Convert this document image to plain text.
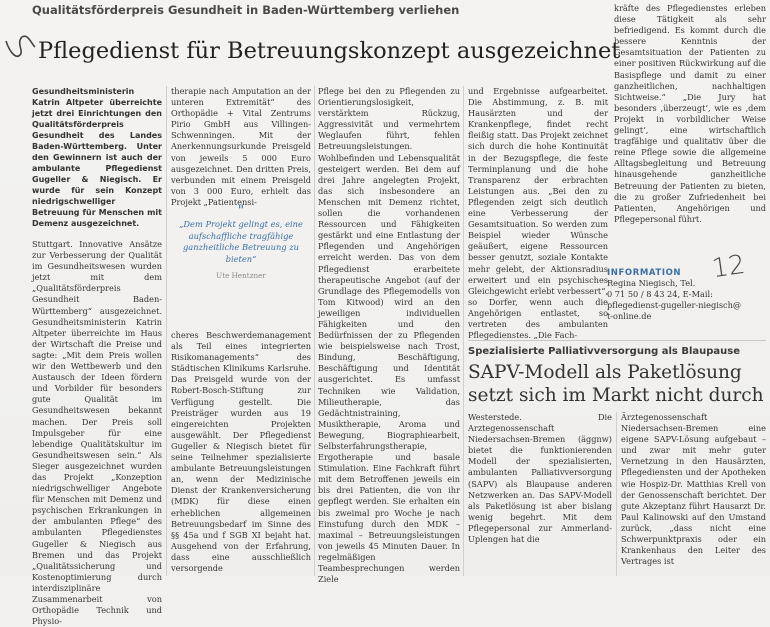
Qualitätsförderpreis Gesundheit in Baden-Württemberg verliehen
Pflegedienst für Betreuungskonzept ausgezeichnet

Gesundheitsministerin Katrin Altpeter überreichte jetzt drei Einrichtungen den Qualitätsförderpreis Gesundheit des Landes Baden-Württemberg. Unter den Gewinnern ist auch der ambulante Pflegedienst Gugeller & Niegisch. Er wurde für sein Konzept niedrigschwelliger Betreuung für Menschen mit Demenz ausgezeichnet.

Stuttgart. Innovative Ansätze zur Verbesserung der Qualität im Gesundheitswesen wurden jetzt mit dem „Qualitätsförderpreis Gesundheit Baden-Württemberg“ ausgezeichnet. Gesundheitsministerin Katrin Altpeter überreichte im Haus der Wirtschaft die Preise und sagte: „Mit dem Preis wollen wir den Wettbewerb und den Austausch der Ideen fördern und Vorbilder für besonders gute Qualität im Gesundheitswesen bekannt machen. Der Preis soll Impulsgeber für eine lebendige Qualitätskultur im Gesundheitswesen sein.“ Als Sieger ausgezeichnet wurden das Projekt „Konzeption niedrigschwelliger Angebote für Menschen mit Demenz und psychischen Erkrankungen in der ambulanten Pflege“ des ambulanten Pflegedienstes Gugeller & Niegisch aus Bremen und das Projekt „Qualitätssicherung und Kostenoptimierung durch interdisziplinäre Zusammenarbeit von Orthopädie Technik und Physio-

therapie nach Amputation an der unteren Extremität“ des Orthopädie + Vital Zentrums Pirio GmbH aus Villingen-Schwenningen. Mit der Anerkennungsurkunde Preisgeld von jeweils 5 000 Euro ausgezeichnet. Den dritten Preis, verbunden mit einem Preisgeld von 3 000 Euro, erhielt das Projekt „Patientensi-

"
„Dem Projekt gelingt es, eine aufschaffliche tragfähige ganzheitliche Betreuung zu bieten“
Ute Hentzner

cheres Beschwerdemanagement als Teil eines integrierten Risikomanagements“ des Städtischen Klinikums Karlsruhe. Das Preisgeld wurde von der Robert-Bosch-Stiftung zur Verfügung gestellt. Die Preisträger wurden aus 19 eingereichten Projekten ausgewählt. Der Pflegedienst Gugeller & Niegisch bietet für seine Teilnehmer spezialisierte ambulante Betreuungsleistungen an, wenn der Medizinische Dienst der Krankenversicherung (MDK) für diese einen erheblichen allgemeinen Betreuungsbedarf im Sinne des §§ 45a und f SGB XI bejaht hat. Ausgehend von der Erfahrung, dass eine ausschließlich versorgende

Pflege bei den zu Pflegenden zu Orientierungslosigkeit, verstärktem Rückzug, Aggressivität und vermehrtem Weglaufen führt, fehlen Betreuungsleistungen. Wohlbefinden und Lebensqualität gesteigert werden. Bei dem auf drei Jahre angelegten Projekt, das sich insbesondere an Menschen mit Demenz richtet, sollen die vorhandenen Ressourcen und Fähigkeiten gestärkt und eine Entlastung der Pflegenden und Angehörigen erreicht werden. Das von dem Pflegedienst erarbeitete therapeutische Angebot (auf der Grundlage des Pflegemodells von Tom Kitwood) wird an den jeweiligen individuellen Fähigkeiten und den Bedürfnissen der zu Pflegenden wie beispielsweise nach Trost, Bindung, Beschäftigung, Beschäftigung und Identität ausgerichtet. Es umfasst Techniken wie Validation, Milieutherapie, das Gedächtnistraining, Musiktherapie, Aroma und Bewegung, Biographiearbeit, Selbsterfahrungstherapie, Ergotherapie und basale Stimulation. Eine Fachkraft führt mit dem Betroffenen jeweils ein bis drei Patienten, die von ihr gepflegt werden. Sie erhalten ein bis zweimal pro Woche je nach Einstufung durch den MDK – maximal – Betreuungsleistungen von jeweils 45 Minuten Dauer. In regelmäßigen Teambesprechungen werden Ziele

und Ergebnisse aufgearbeitet. Die Abstimmung, z. B. mit Hausärzten und der Krankenpflege, findet recht fleißig statt. Das Projekt zeichnet sich durch die hohe Kontinuität in der Bezugspflege, die feste Terminplanung und die hohe Transparenz der erbrachten Leistungen aus. „Bei den zu Pflegenden zeigt sich deutlich eine Verbesserung der Gesamtsituation. So werden zum Beispiel wieder Wünsche geäußert, eigene Ressourcen besser genutzt, soziale Kontakte mehr gelebt, der Aktionsradius erweitert und ein psychisches Gleichgewicht erlebt verbessert“, so Dorfer, wenn auch die Angehörigen entlastet, so vertreten des ambulanten Pflegedienstes. „Die Fach-

kräfte des Pflegedienstes erleben diese Tätigkeit als sehr befriedigend. Es kommt durch die bessere Kenntnis der Gesamtsituation der Patienten zu einer positiven Rückwirkung auf die Basispflege und damit zu einer ganzheitlichen, nachhaltigen Sichtweise.“ „Die Jury hat besonders ‚überzeugt‘, wie es ‚dem Projekt in vorbildlicher Weise gelingt‘, eine wirtschaftlich tragfähige und qualitativ über die reine Pflege sowie die allgemeine Alltagsbegleitung und Betreuung hinausgehende ganzheitliche Betreuung der Patienten zu bieten, die zu großer Zufriedenheit bei Patienten, Angehörigen und Pflegepersonal führt.

12
INFORMATION
Regina Niegisch, Tel.
0 71 50 / 8 43 24, E-Mail: pflegedienst-gugeller-niegisch@
t-online.de
Spezialisierte Palliativversorgung als Blaupause
SAPV-Modell als Paketlösung setzt sich im Markt nicht durch

Westerstede. Die Arztegenossenschaft Niedersachsen-Bremen (äggnw) bietet die funktionierenden Modell der spezialisierten, ambulanten Palliativversorgung (SAPV) als Blaupause anderen Netzwerken an. Das SAPV-Modell als Paketlösung ist aber bislang wenig begehrt. Mit dem Pflegepersonal zur Ammerland-Uplengen hat die

Ärztegenossenschaft Niedersachsen-Bremen eine eigene SAPV-Lösung aufgebaut – und zwar mit mehr guter Vernetzung in den Hausärzten, Pflegediensten und der Apotheken wie Hospiz-Dr. Matthias Krell von der Genossenschaft berichtet. Der gute Akzeptanz führt Hausarzt Dr. Paul Kalinowski auf den Umstand zurück, „dass nicht eine Schwerpunktpraxis oder ein Krankenhaus den Leiter des Vertrages ist
